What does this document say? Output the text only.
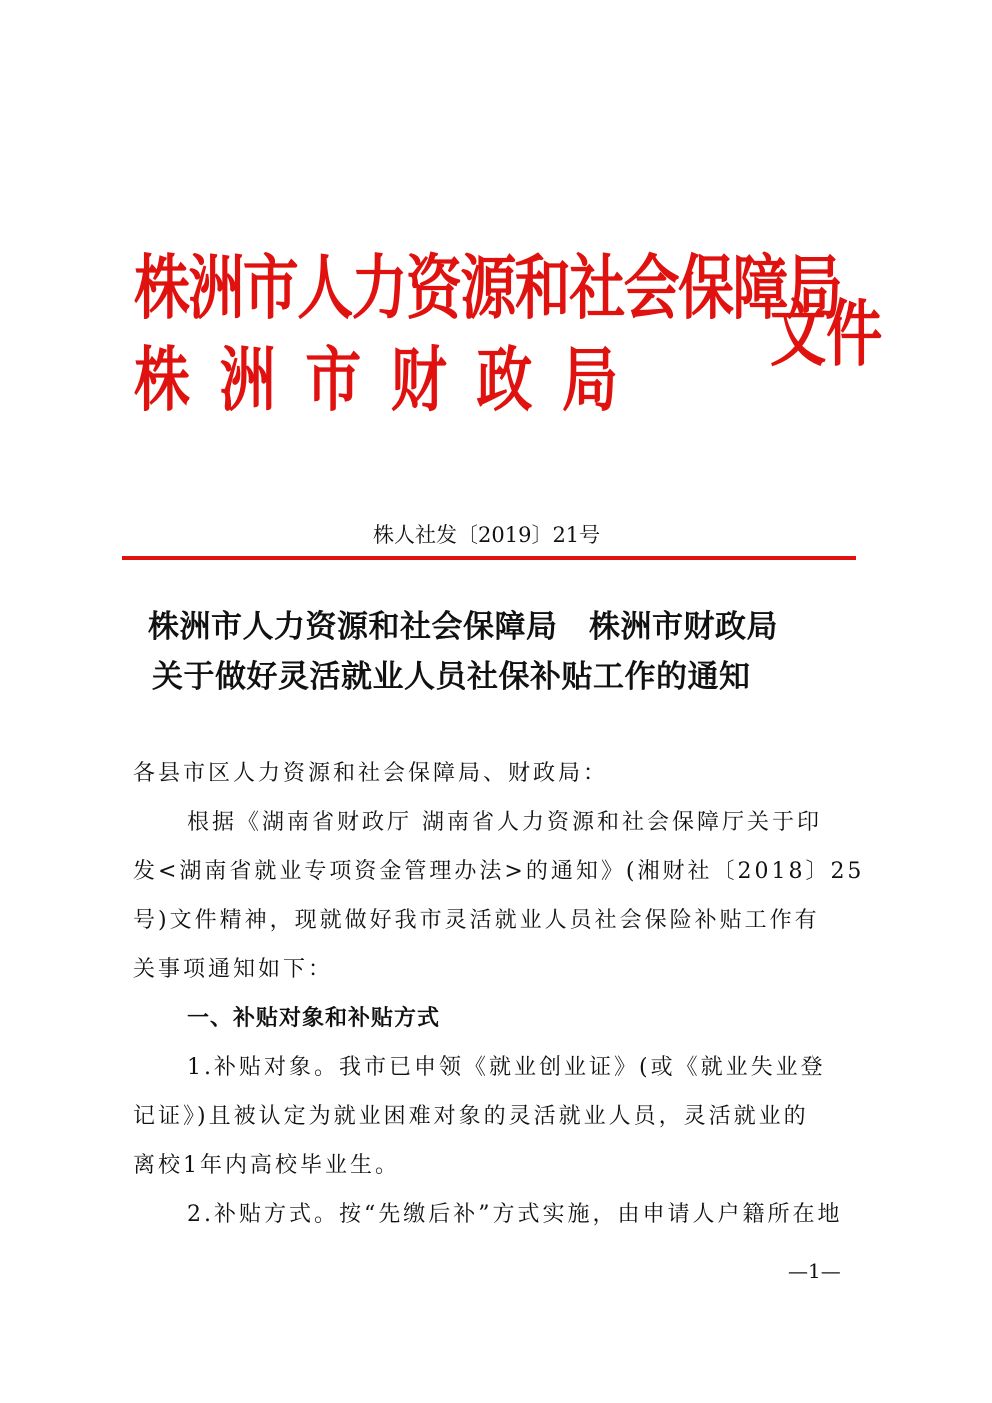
株洲市人力资源和社会保障局
株洲市财政局
文件
株人社发〔2019〕21号
株洲市人力资源和社会保障局　株洲市财政局
关于做好灵活就业人员社保补贴工作的通知
各县市区人力资源和社会保障局、财政局：
根据《湖南省财政厅 湖南省人力资源和社会保障厅关于印
发<湖南省就业专项资金管理办法>的通知》(湘财社〔2018〕25
号)文件精神，现就做好我市灵活就业人员社会保险补贴工作有
关事项通知如下：
一、补贴对象和补贴方式
1.补贴对象。我市已申领《就业创业证》(或《就业失业登
记证》)且被认定为就业困难对象的灵活就业人员，灵活就业的
离校1年内高校毕业生。
2.补贴方式。按“先缴后补”方式实施，由申请人户籍所在地
—1—
